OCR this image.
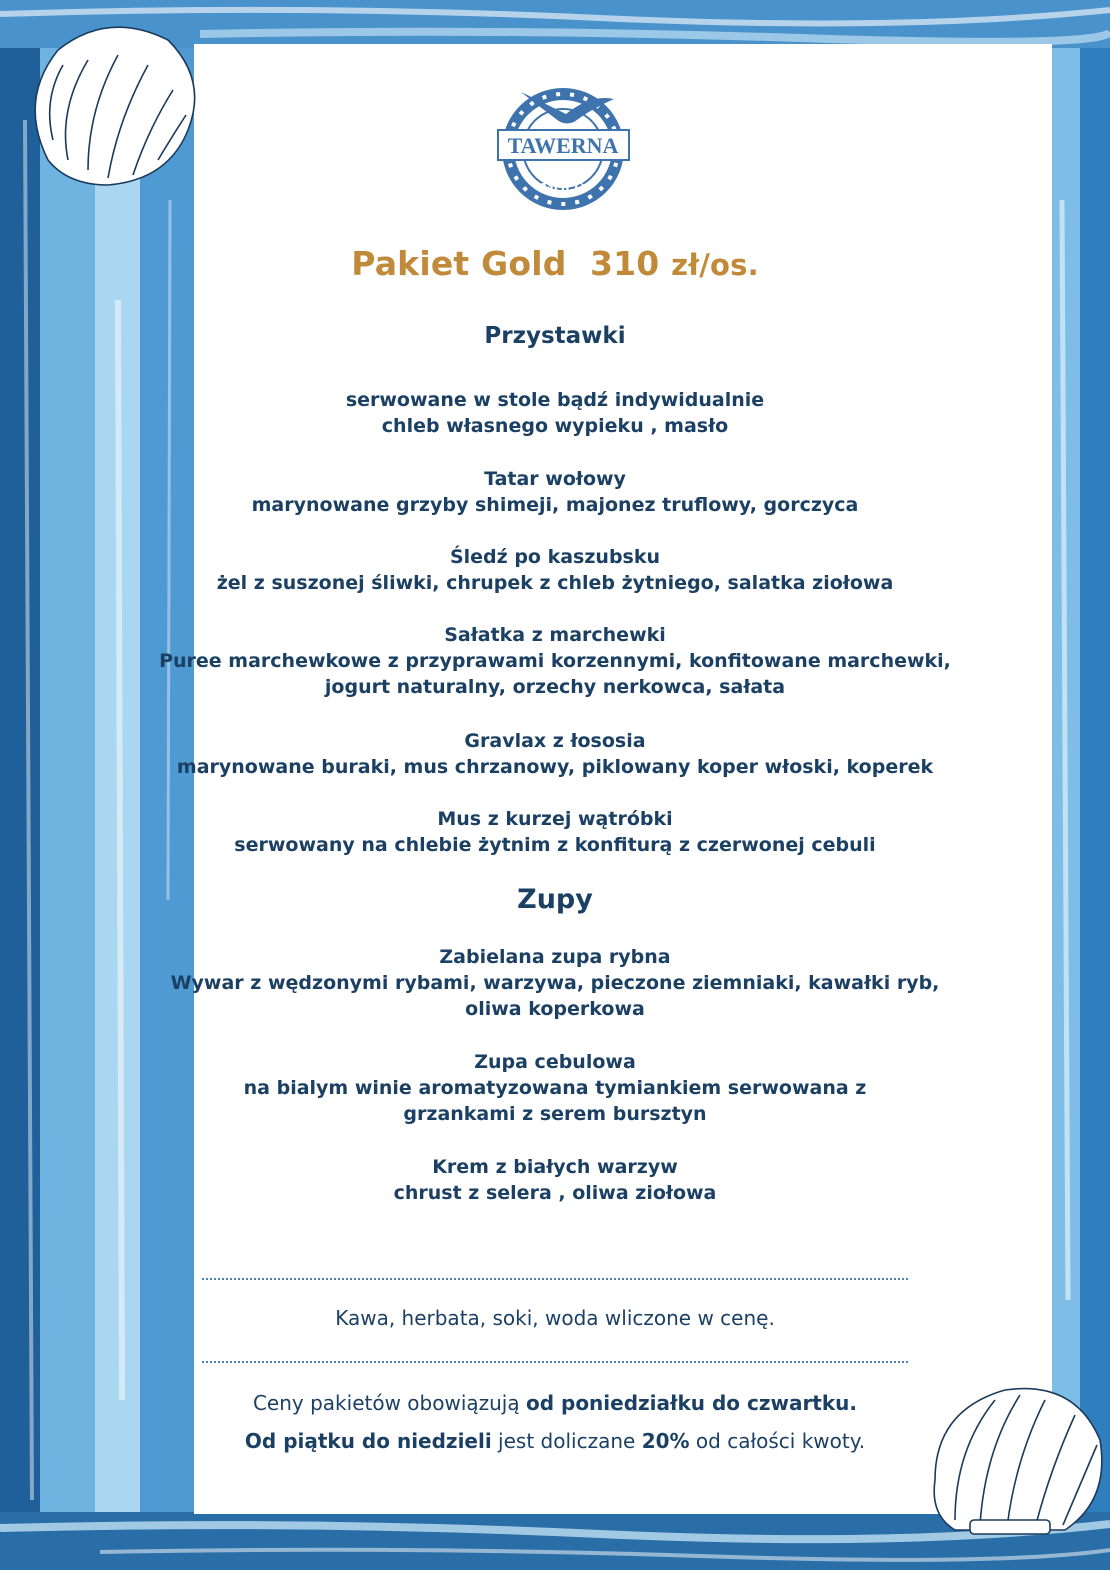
TAWERNA
MOLO
Pakiet Gold 310 zł/os.
Przystawki
serwowane w stole bądź indywidualnie
chleb własnego wypieku , masło
Tatar wołowy
marynowane grzyby shimeji, majonez truflowy, gorczyca
Śledź po kaszubsku
żel z suszonej śliwki, chrupek z chleb żytniego, salatka ziołowa
Sałatka z marchewki
Puree marchewkowe z przyprawami korzennymi, konfitowane marchewki,
jogurt naturalny, orzechy nerkowca, sałata
Gravlax z łososia
marynowane buraki, mus chrzanowy, piklowany koper włoski, koperek
Mus z kurzej wątróbki
serwowany na chlebie żytnim z konfiturą z czerwonej cebuli
Zupy
Zabielana zupa rybna
Wywar z wędzonymi rybami, warzywa, pieczone ziemniaki, kawałki ryb,
oliwa koperkowa
Zupa cebulowa
na bialym winie aromatyzowana tymiankiem serwowana z
grzankami z serem bursztyn
Krem z białych warzyw
chrust z selera , oliwa ziołowa
Kawa, herbata, soki, woda wliczone w cenę.
Ceny pakietów obowiązują od poniedziałku do czwartku.
Od piątku do niedzieli jest doliczane 20% od całości kwoty.
